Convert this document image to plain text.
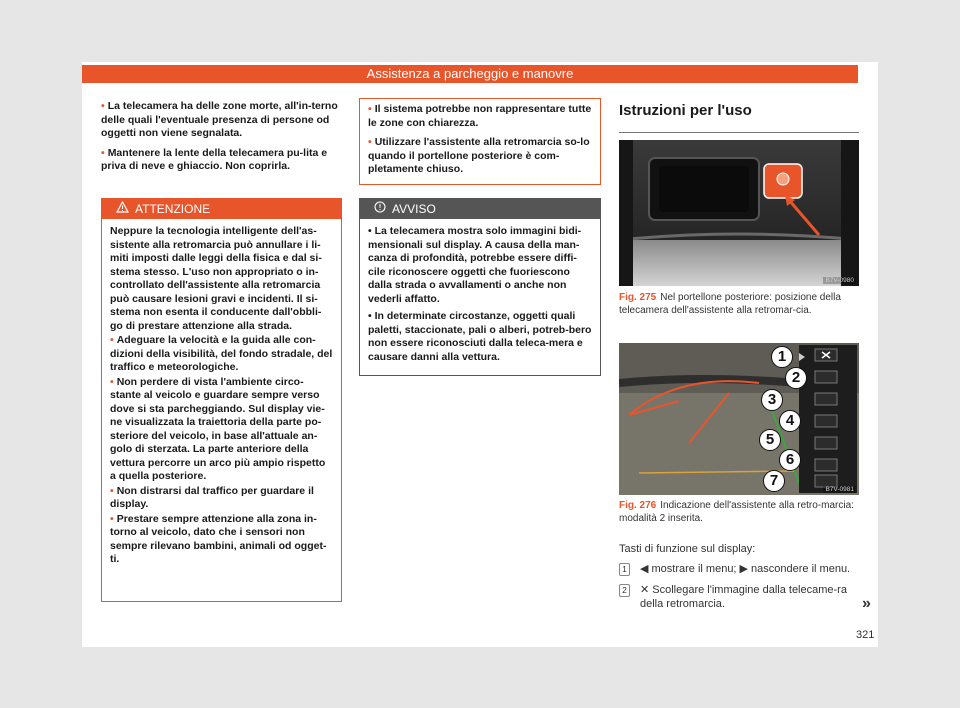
Assistenza a parcheggio e manovre
• La telecamera ha delle zone morte, all'in-terno delle quali l'eventuale presenza di persone od oggetti non viene segnalata.
• Mantenere la lente della telecamera pu-lita e priva di neve e ghiaccio. Non coprirla.
ATTENZIONE

Neppure la tecnologia intelligente dell'as-sistente alla retromarcia può annullare i li-miti imposti dalle leggi della fisica e dal si-stema stesso. L'uso non appropriato o in-controllato dell'assistente alla retromarcia può causare lesioni gravi e incidenti. Il si-stema non esenta il conducente dall'obbli-go di prestare attenzione alla strada.

• Adeguare la velocità e la guida alle con-dizioni della visibilità, del fondo stradale, del traffico e meteorologiche.

• Non perdere di vista l'ambiente circo-stante al veicolo e guardare sempre verso dove si sta parcheggiando. Sul display vie-ne visualizzata la traiettoria della parte po-steriore del veicolo, in base all'attuale an-golo di sterzata. La parte anteriore della vettura percorre un arco più ampio rispetto a quella posteriore.

• Non distrarsi dal traffico per guardare il display.

• Prestare sempre attenzione alla zona in-torno al veicolo, dato che i sensori non sempre rilevano bambini, animali od ogget-ti.

• Il sistema potrebbe non rappresentare tutte le zone con chiarezza.

• Utilizzare l'assistente alla retromarcia so-lo quando il portellone posteriore è com-pletamente chiuso.

AVVISO

• La telecamera mostra solo immagini bidi-mensionali sul display. A causa della man-canza di profondità, potrebbe essere diffi-cile riconoscere oggetti che fuoriescono dalla strada o avvallamenti o anche non vederli affatto.

• In determinate circostanze, oggetti quali paletti, staccionate, pali o alberi, potreb-bero non essere riconosciuti dalla teleca-mera e causare danni alla vettura.

Istruzioni per l'uso
B7V-0980
Fig. 275 Nel portellone posteriore: posizione della telecamera dell'assistente alla retromar-cia.
1
2
3
4
5
6
7
B7V-0981
Fig. 276 Indicazione dell'assistente alla retro-marcia: modalità 2 inserita.
Tasti di funzione sul display:
1 ◀ mostrare il menu; ▶ nascondere il menu.
2 ✕ Scollegare l'immagine dalla telecame-ra della retromarcia.	»
321
